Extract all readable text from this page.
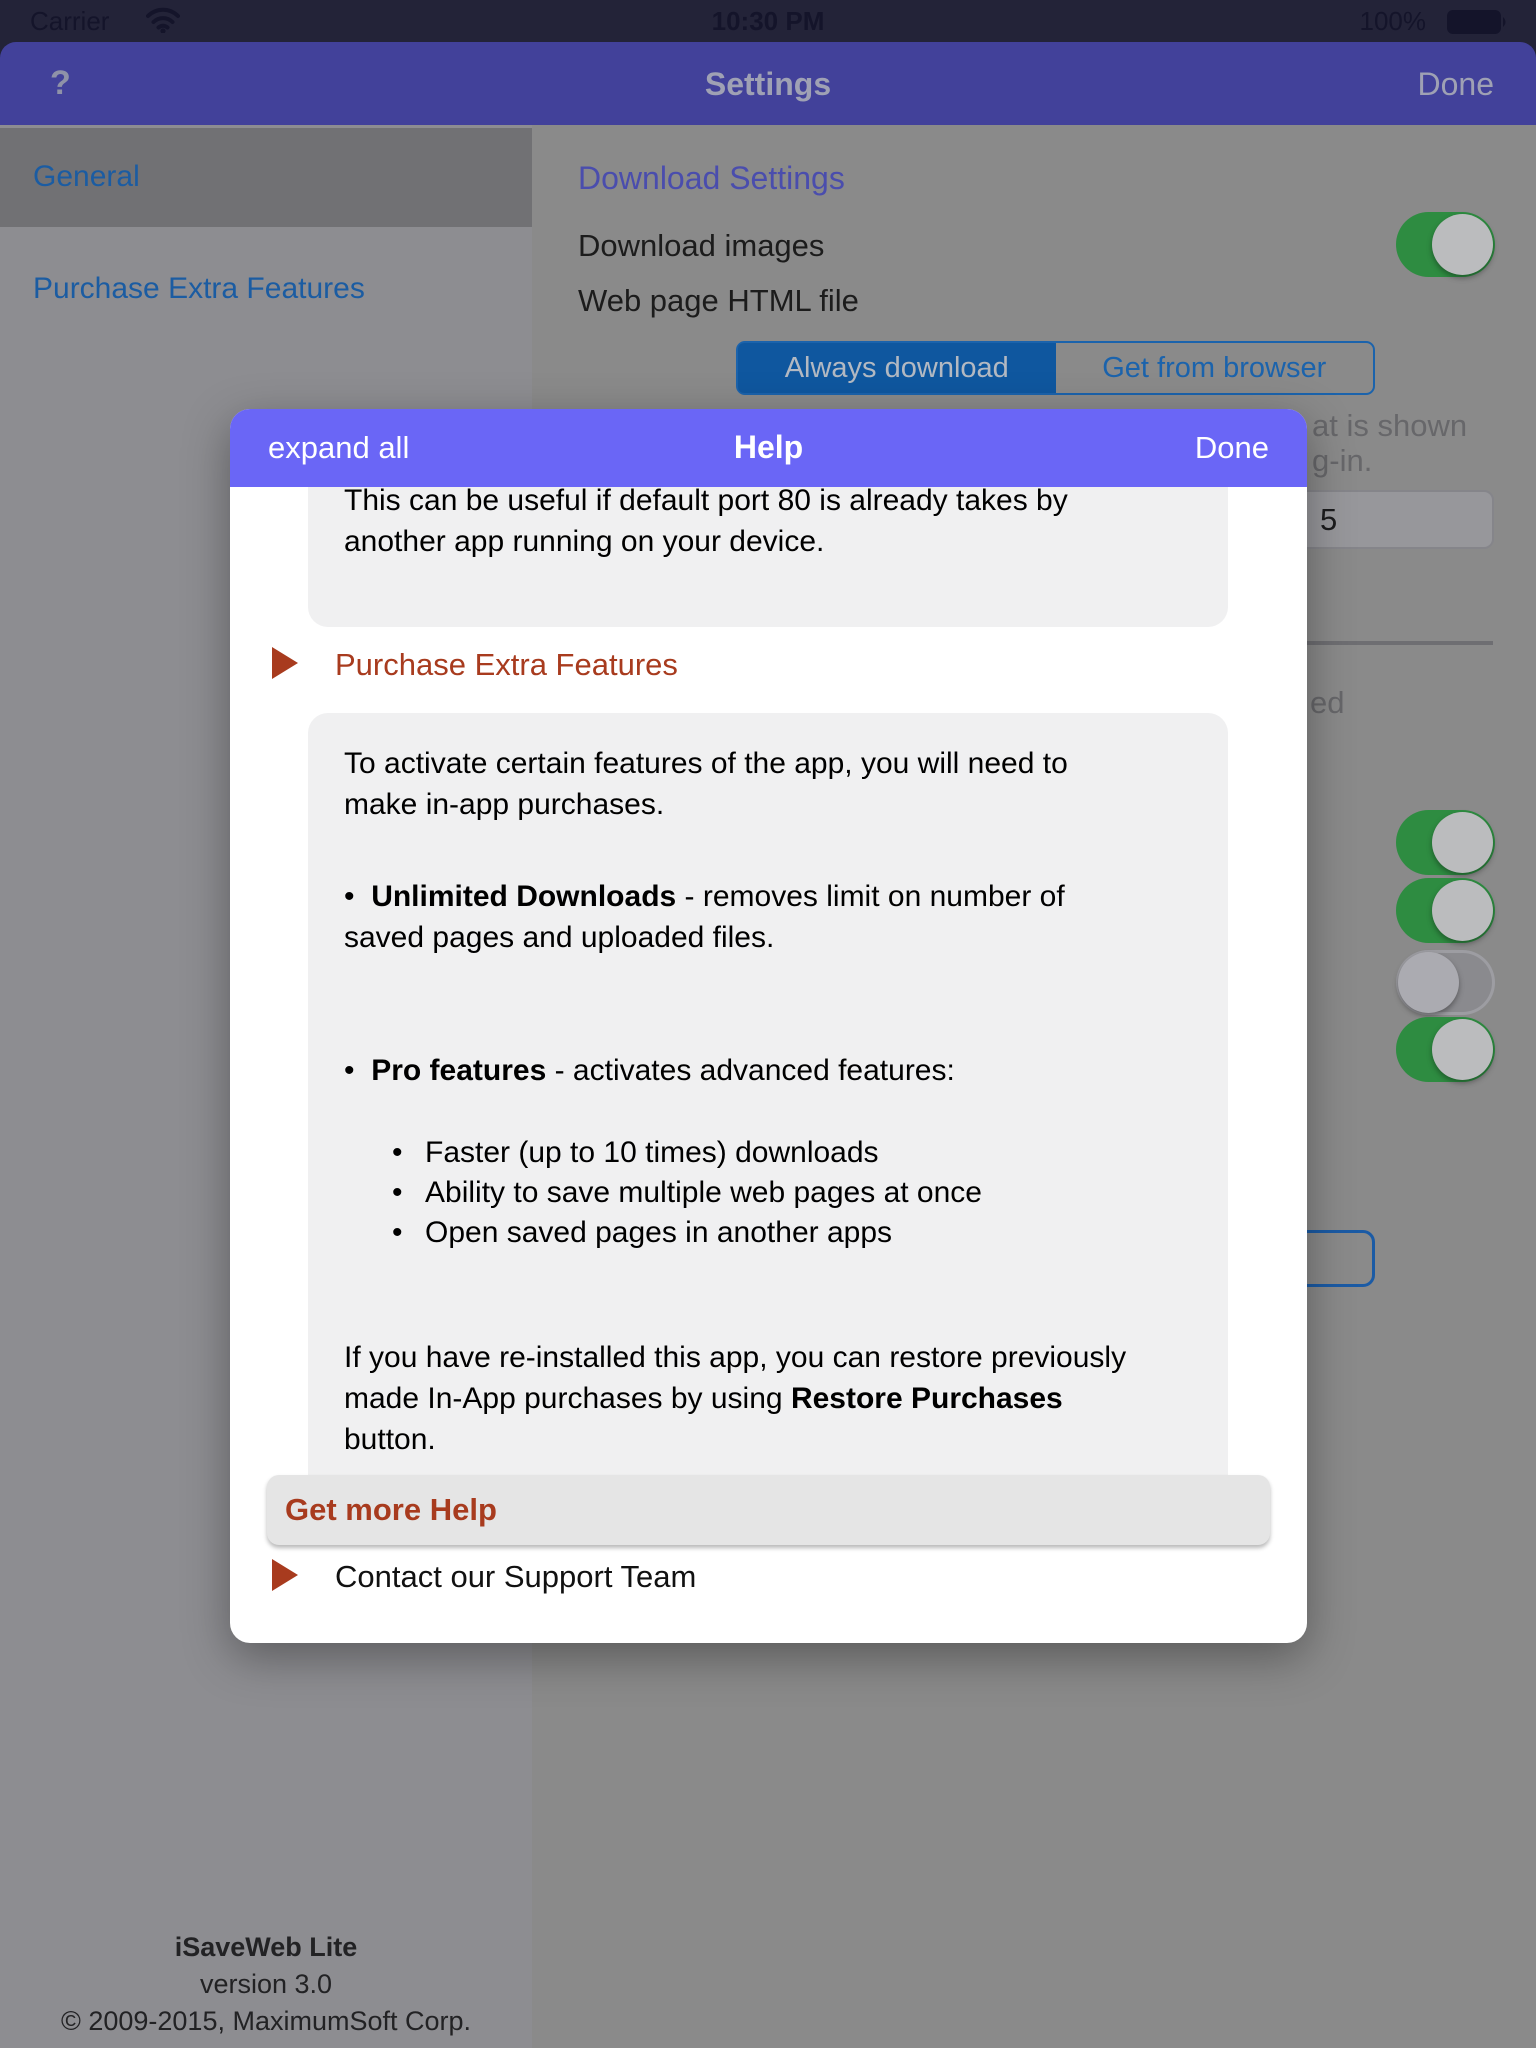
Carrier	10:30 PM	100%
?	Settings	Done
General
Purchase Extra Features
iSaveWeb Lite
version 3.0
© 2009-2015, MaximumSoft Corp.
Download Settings
Download images
Web page HTML file
Always download	Get from browser
at is shown
g-in.
5
ed
expand all	Help	Done
This can be useful if default port 80 is already takes by
another app running on your device.
Purchase Extra Features
To activate certain features of the app, you will need to
make in-app purchases.
•  Unlimited Downloads - removes limit on number of
saved pages and uploaded files.
•  Pro features - activates advanced features:
• Faster (up to 10 times) downloads
• Ability to save multiple web pages at once
• Open saved pages in another apps
If you have re-installed this app, you can restore previously
made In-App purchases by using Restore Purchases
button.
Get more Help
Contact our Support Team
